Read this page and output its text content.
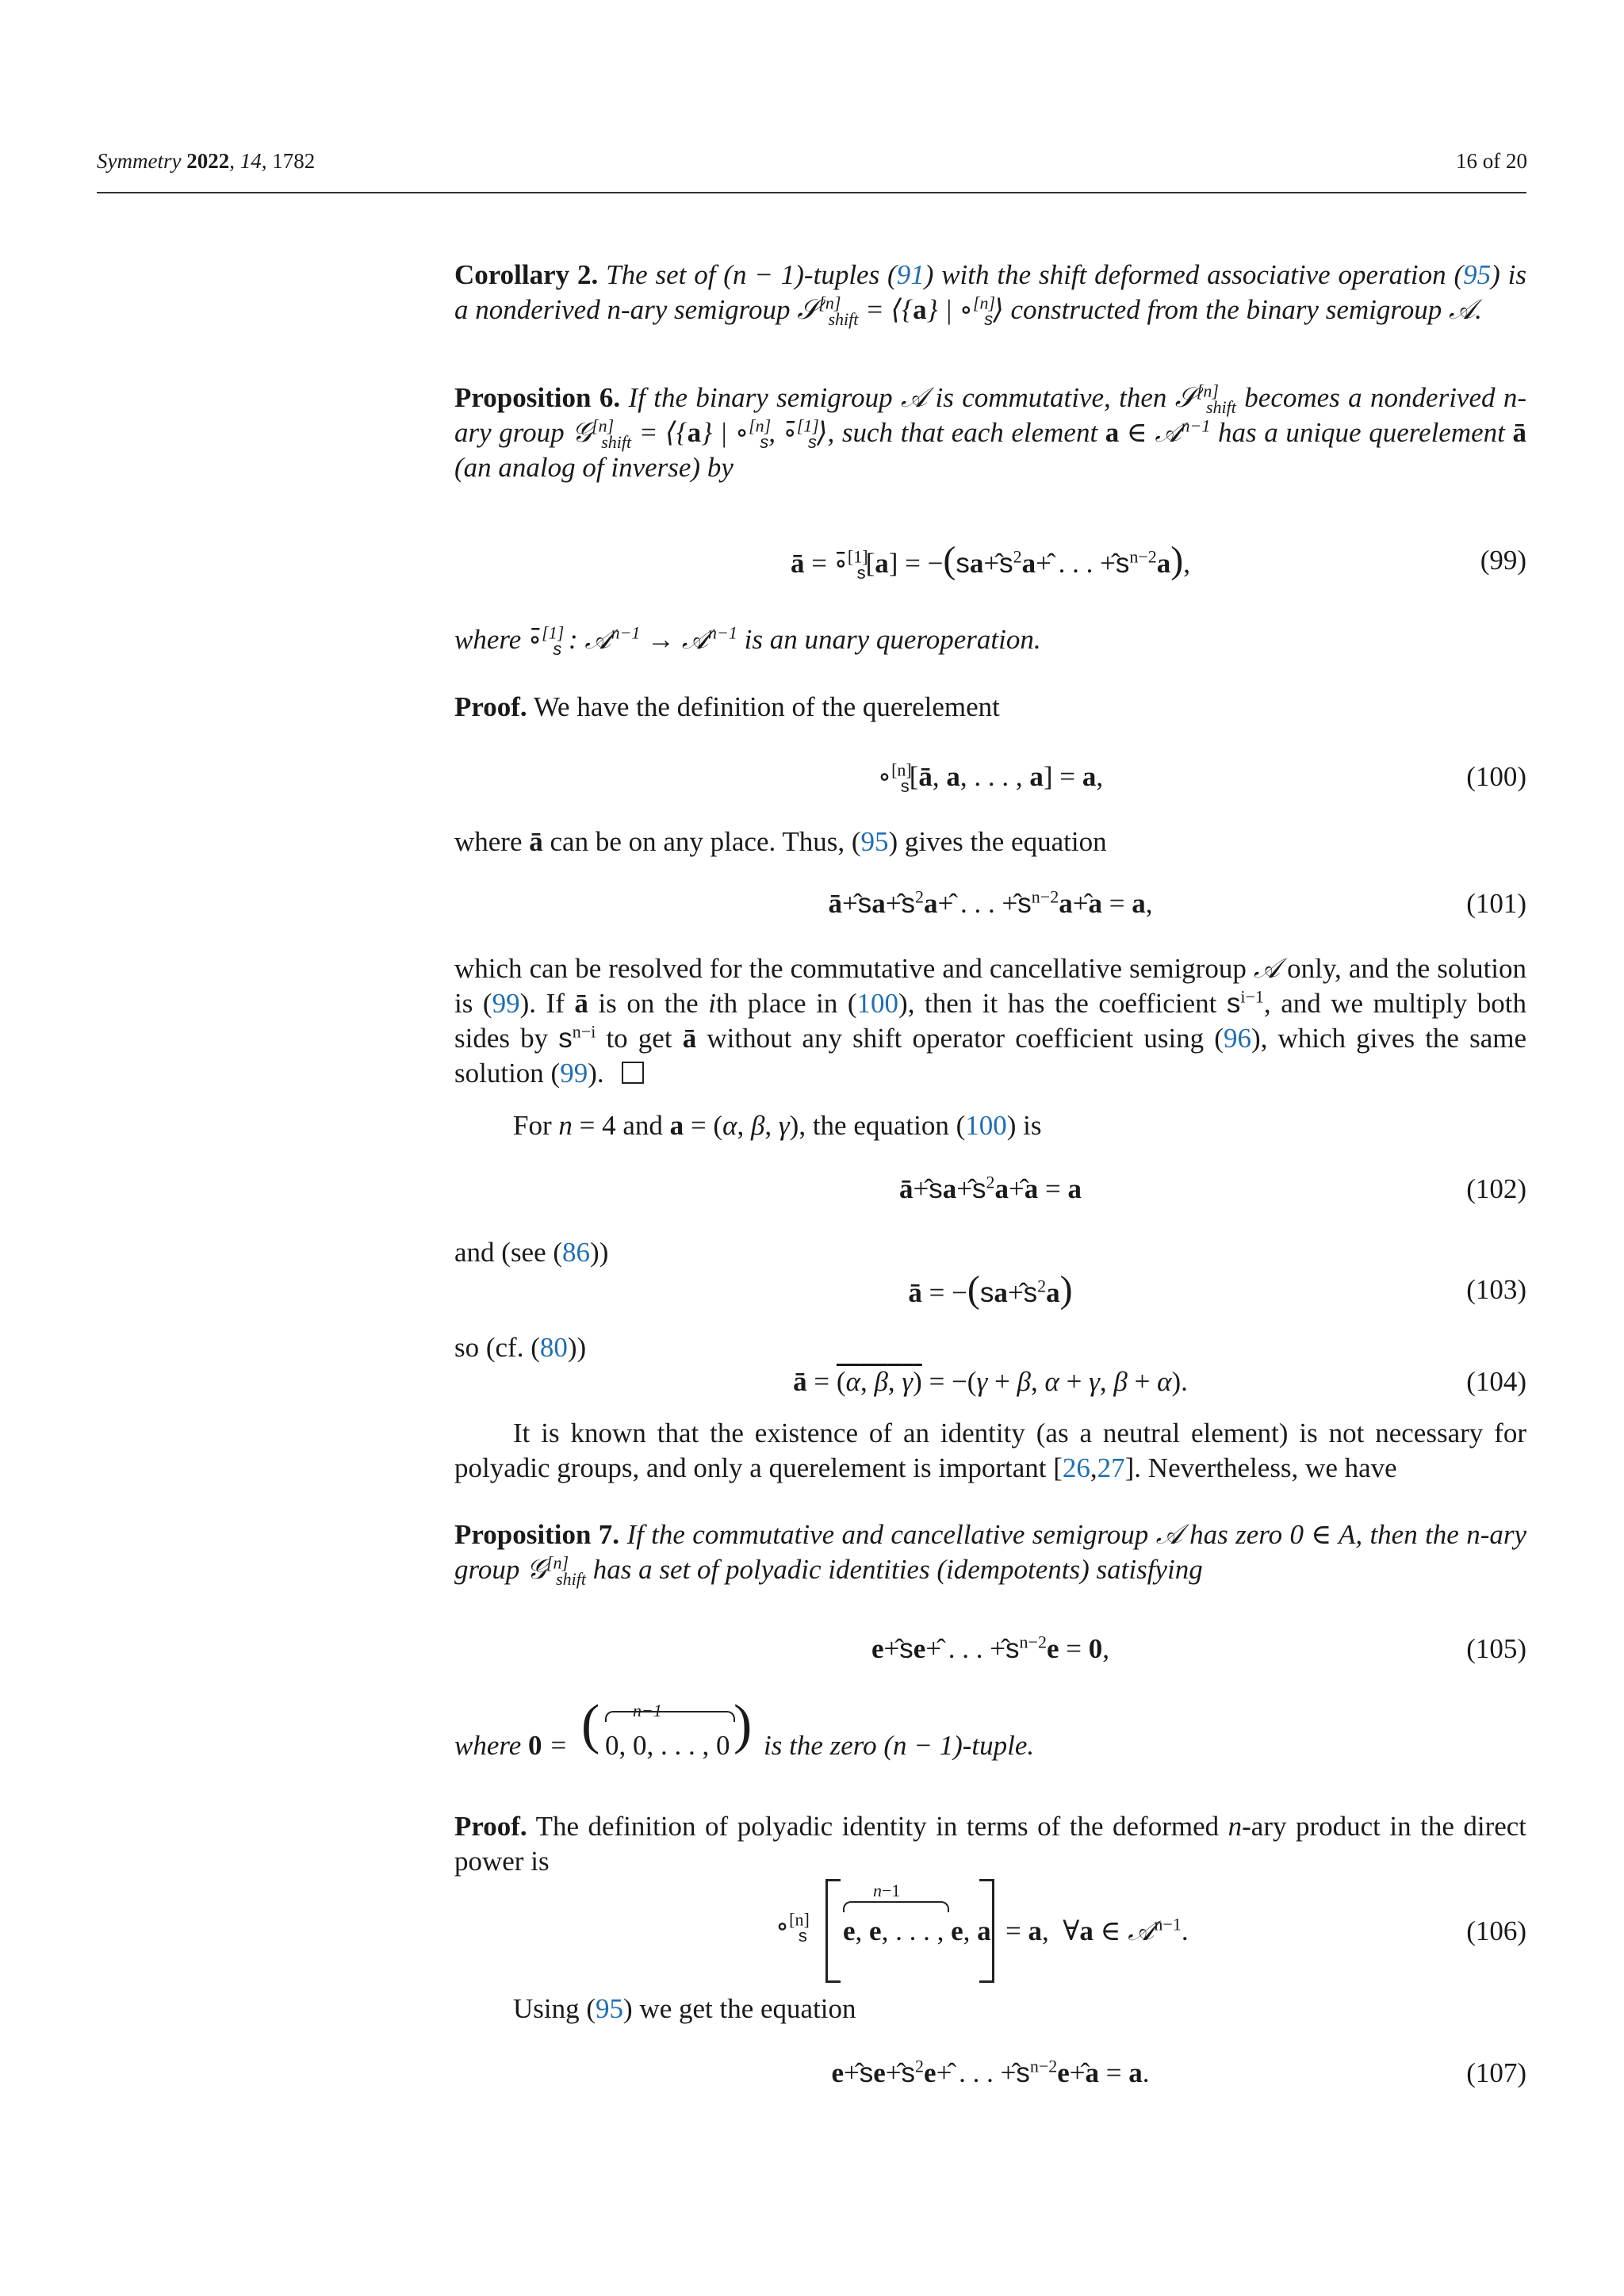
Symmetry 2022, 14, 1782	16 of 20
Corollary 2. The set of (n − 1)-tuples (91) with the shift deformed associative operation (95) is a nonderived n-ary semigroup 𝒮[n]$_{shift}$ = ⟨{a} | $\circ[n]_s⟩$ constructed from the binary semigroup 𝒜.
Proposition 6. If the binary semigroup 𝒜 is commutative, then 𝒮[n]$_{shift}$ becomes a nonderived n-ary group 𝒢[n]$_{shift}$ = ⟨{a} | $\circ[n]_s$, $\circ̄[1]_s⟩$, such that each element a ∈ 𝒜$^{n-1}$ has a unique querelement ā (an analog of inverse) by
ā = $\circ̄[1]_s[a]$ = $-(sa+̂s^2a+̂$ . . . $+̂s^{n-2}a$),	(99)
where $\circ̄[1]_s$ : 𝒜$^{n-1}$ → 𝒜$^{n-1}$ is an unary queroperation.
Proof. We have the definition of the querelement
$\circ[n]_s[ā$, a, . . . , a] = a,	(100)
where ā can be on any place. Thus, (95) gives the equation
$ā+̂sa+̂s^2a+̂$ . . . $+̂s^{n-2}a+̂a = a$,	(101)
which can be resolved for the commutative and cancellative semigroup 𝒜 only, and the solution is (99). If ā is on the ith place in (100), then it has the coefficient $s^{i-1}$, and we multiply both sides by $s^{n-i}$ to get ā without any shift operator coefficient using (96), which gives the same solution (99).
For n = 4 and a = (α, β, γ), the equation (100) is
$ā+̂sa+̂s^2a+̂a = a$	(102)
and (see (86))
ā = $-(sa+̂s^2a)$	(103)
so (cf. (80))
ā = (α, β, γ) = −(γ + β, α + γ, β + α).	(104)
It is known that the existence of an identity (as a neutral element) is not necessary for polyadic groups, and only a querelement is important [26,27]. Nevertheless, we have
Proposition 7. If the commutative and cancellative semigroup 𝒜 has zero 0 ∈ A, then the n-ary group 𝒢[n]$_{shift}$ has a set of polyadic identities (idempotents) satisfying
e+̂se+̂ . . . $+̂s^{n-2}e = 0$,	(105)
where 0 = ( n−1
0, 0, . . . , 0 ) is the zero (n − 1)-tuple.
Proof. The definition of polyadic identity in terms of the deformed n-ary product in the direct power is
$\circ[n]_s$
n−1
e, e, . . . , e, a = a,  ∀a ∈ 𝒜$^{n-1}$.	(106)
Using (95) we get the equation
$e+̂se+̂s^2e+̂$ . . . $+̂s^{n-2}e+̂a = a$.	(107)
